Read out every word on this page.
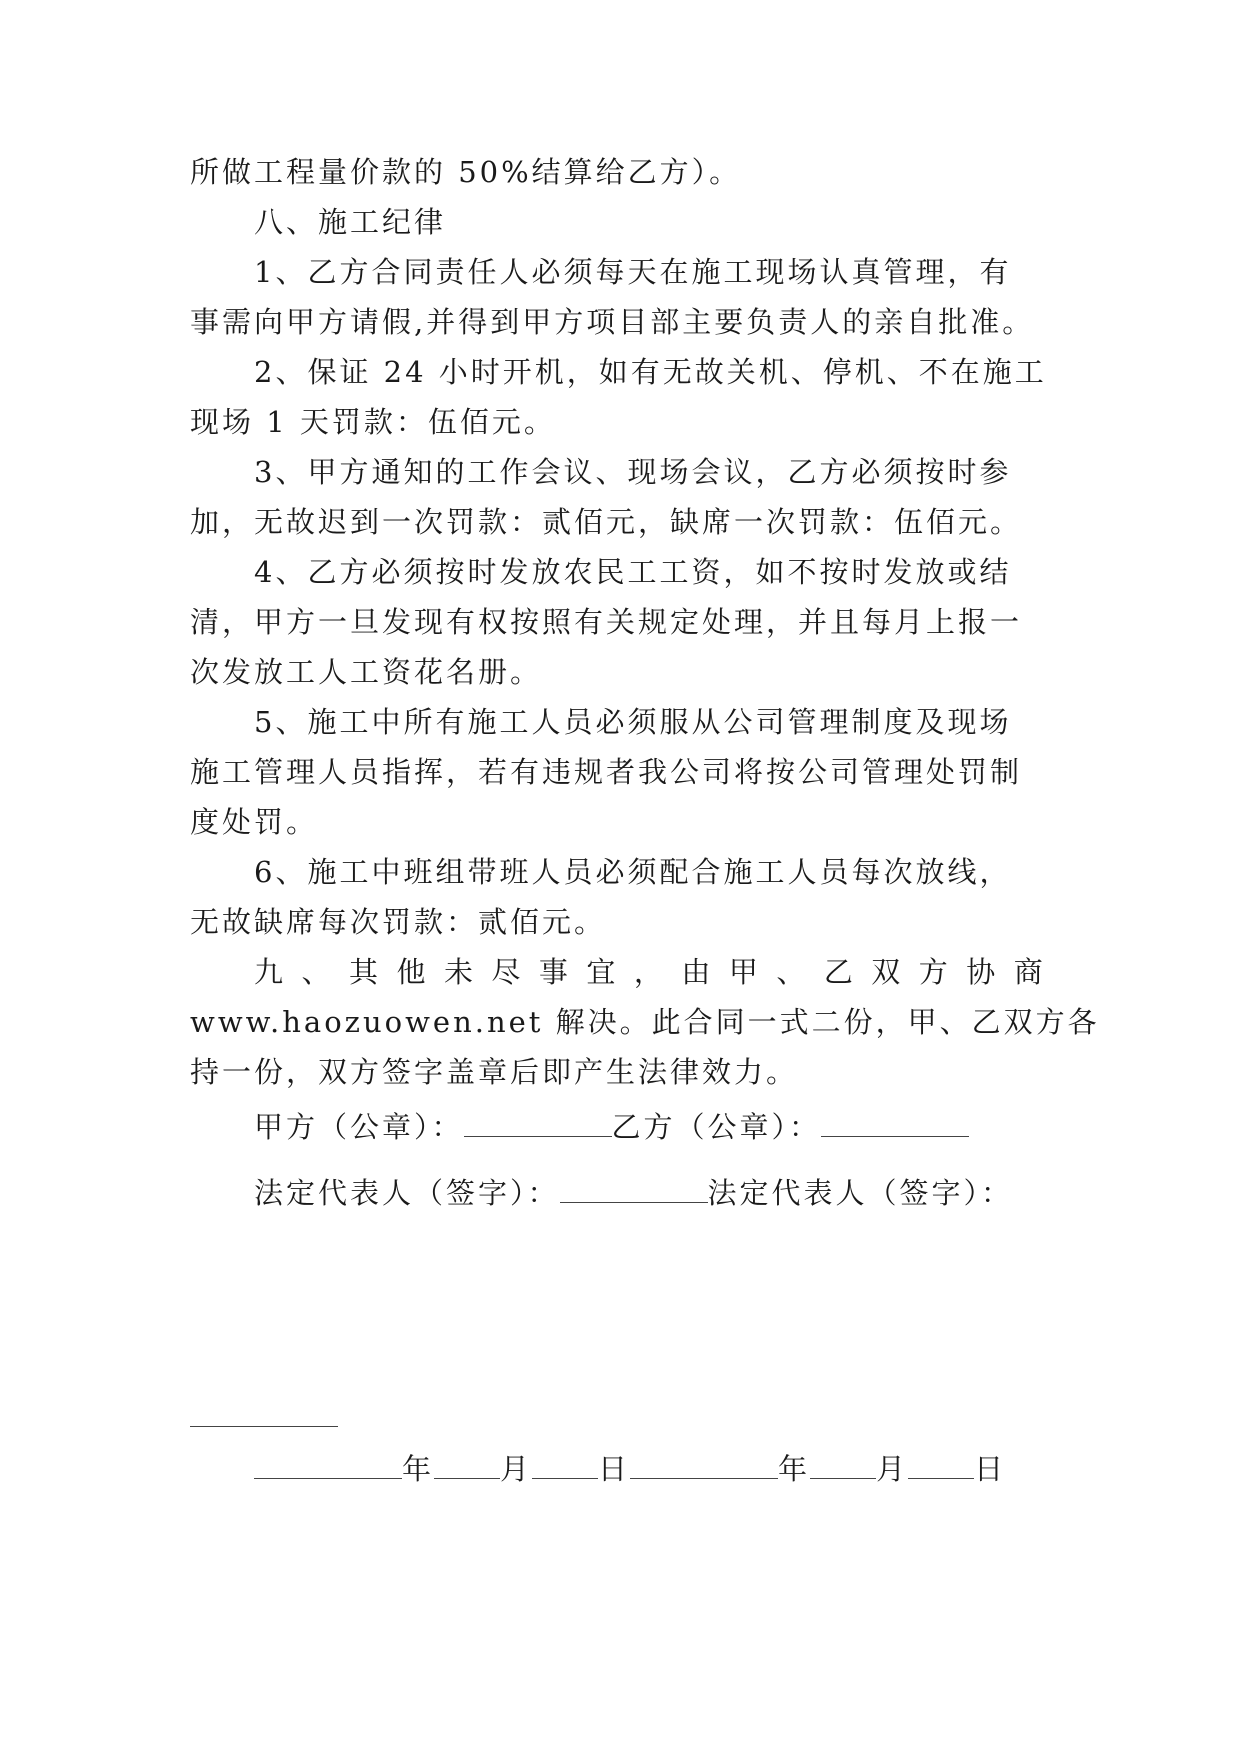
所做工程量价款的 50%结算给乙方）。
八、施工纪律
1、乙方合同责任人必须每天在施工现场认真管理，有
事需向甲方请假,并得到甲方项目部主要负责人的亲自批准。
2、保证 24 小时开机，如有无故关机、停机、不在施工
现场 1 天罚款：伍佰元。
3、甲方通知的工作会议、现场会议，乙方必须按时参
加，无故迟到一次罚款：贰佰元，缺席一次罚款：伍佰元。
4、乙方必须按时发放农民工工资，如不按时发放或结
清，甲方一旦发现有权按照有关规定处理，并且每月上报一
次发放工人工资花名册。
5、施工中所有施工人员必须服从公司管理制度及现场
施工管理人员指挥，若有违规者我公司将按公司管理处罚制
度处罚。
6、施工中班组带班人员必须配合施工人员每次放线，
无故缺席每次罚款：贰佰元。
九 、 其 他 未 尽 事 宜 ， 由 甲 、 乙 双 方 协 商
www.haozuowen.net 解决。此合同一式二份，甲、乙双方各
持一份，双方签字盖章后即产生法律效力。
甲方（公章）：	乙方（公章）：
法定代表人（签字）：	法定代表人（签字）：
年 月 日	年 月 日
